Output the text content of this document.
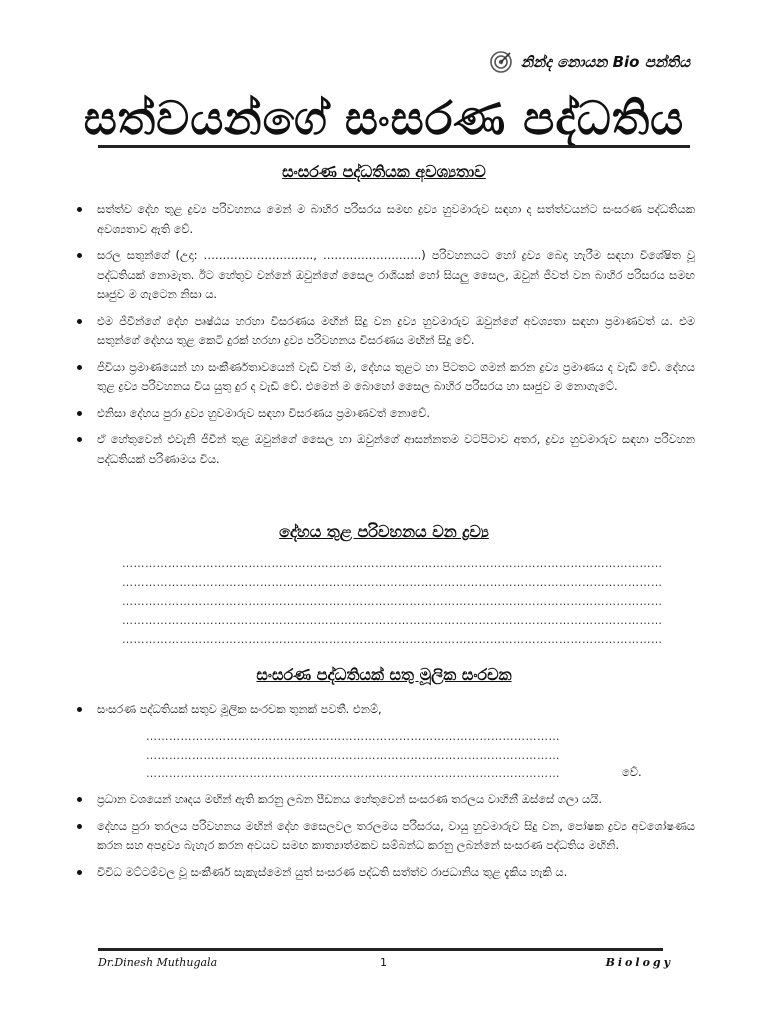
නින්ද නොයන Bio පන්තිය
සත්වයන්ගේ සංසරණ පද්ධතිය
සංසරණ පද්ධතියක අවශ්‍යතාව
සත්ත්ව දේහ තුළ ද්‍රව්‍ය පරිවහනය මෙන් ම බාහිර පරිසරය සමඟ ද්‍රව්‍ය හුවමාරුව සඳහා ද සත්ත්වයන්ට සංසරණ පද්ධතියක අවශ්‍යතාව ඇති වේ.
සරල සතුන්ගේ (උදා: ……………………….., ……………………..) පරිවහනයට හෝ ද්‍රව්‍ය බෙදා හැරීම සඳහා විශේෂිත වූ පද්ධතියක් නොමැත. ඊට හේතුව වන්නේ ඔවුන්ගේ සෛල රාශියක් හෝ සියලු සෛල, ඔවුන් ජීවත් වන බාහිර පරිසරය සමඟ සෘජුව ම ගැටෙන නිසා ය.
එම ජීවීන්ගේ දේහ පෘෂ්ඨය හරහා විසරණය මඟින් සිදු වන ද්‍රව්‍ය හුවමාරුව ඔවුන්ගේ අවශ්‍යතා සඳහා ප්‍රමාණවත් ය. එම සතුන්ගේ දේහය තුළ කෙටි දුරක් හරහා ද්‍රව්‍ය පරිවහනය විසරණය මඟින් සිදු වේ.
ජීවියා ප්‍රමාණයෙන් හා සංකීර්ණතාවයෙන් වැඩි වත් ම, දේහය තුළට හා පිටතට ගමන් කරන ද්‍රව්‍ය ප්‍රමාණය ද වැඩි වේ. දේහය තුළ ද්‍රව්‍ය පරිවහනය විය යුතු දුර ද වැඩි වේ. එමෙන් ම බොහෝ සෛල බාහිර පරිසරය හා සෘජුව ම නොගැටේ.
එනිසා දේහය පුරා ද්‍රව්‍ය හුවමාරුව සඳහා විසරණය ප්‍රමාණවත් නොවේ.
ඒ හේතුවෙන් එවැනි ජීවීන් තුළ ඔවුන්ගේ සෛල හා ඔවුන්ගේ ආසන්නතම වටපිටාව අතර, ද්‍රව්‍ය හුවමාරුව සඳහා පරිවහන පද්ධතියක් පරිණාමය විය.
දේහය තුළ පරිවහනය වන ද්‍රව්‍ය
……………………………………………………………………………………………………………………………
……………………………………………………………………………………………………………………………
……………………………………………………………………………………………………………………………
……………………………………………………………………………………………………………………………
……………………………………………………………………………………………………………………………
සංසරණ පද්ධතියක් සතු මූලික සංරචක
සංසරණ පද්ධතියක් සතුව මූලික සංරචක තුනක් පවතී. එනම්,
………………………………………………………………………………………………
………………………………………………………………………………………………
………………………………………………………………………………………………	වේ.
ප්‍රධාන වශයෙන් හෘදය මඟින් ඇති කරනු ලබන පීඩනය හේතුවෙන් සංසරණ තරලය වාහිනී ඔස්සේ ගලා යයි.
දේහය පුරා තරලය පරිවහනය මඟින් දේහ සෛලවල තරලමය පරිසරය, වායු හුවමාරුව සිදු වන, පෝෂක ද්‍රව්‍ය අවශෝෂණය කරන සහ අපද්‍රව්‍ය බැහැර කරන අවයව සමඟ කාත්‍යාත්මකව සම්බන්ධ කරනු ලබන්නේ සංසරණ පද්ධතිය මඟිනි.
විවිධ මට්ටම්වල වූ සංකීර්ණ සැකැස්මෙන් යුත් සංසරණ පද්ධති සත්ත්ව රාජධානිය තුළ දැකිය හැකි ය.
Dr.Dinesh Muthugala	1	Biology
